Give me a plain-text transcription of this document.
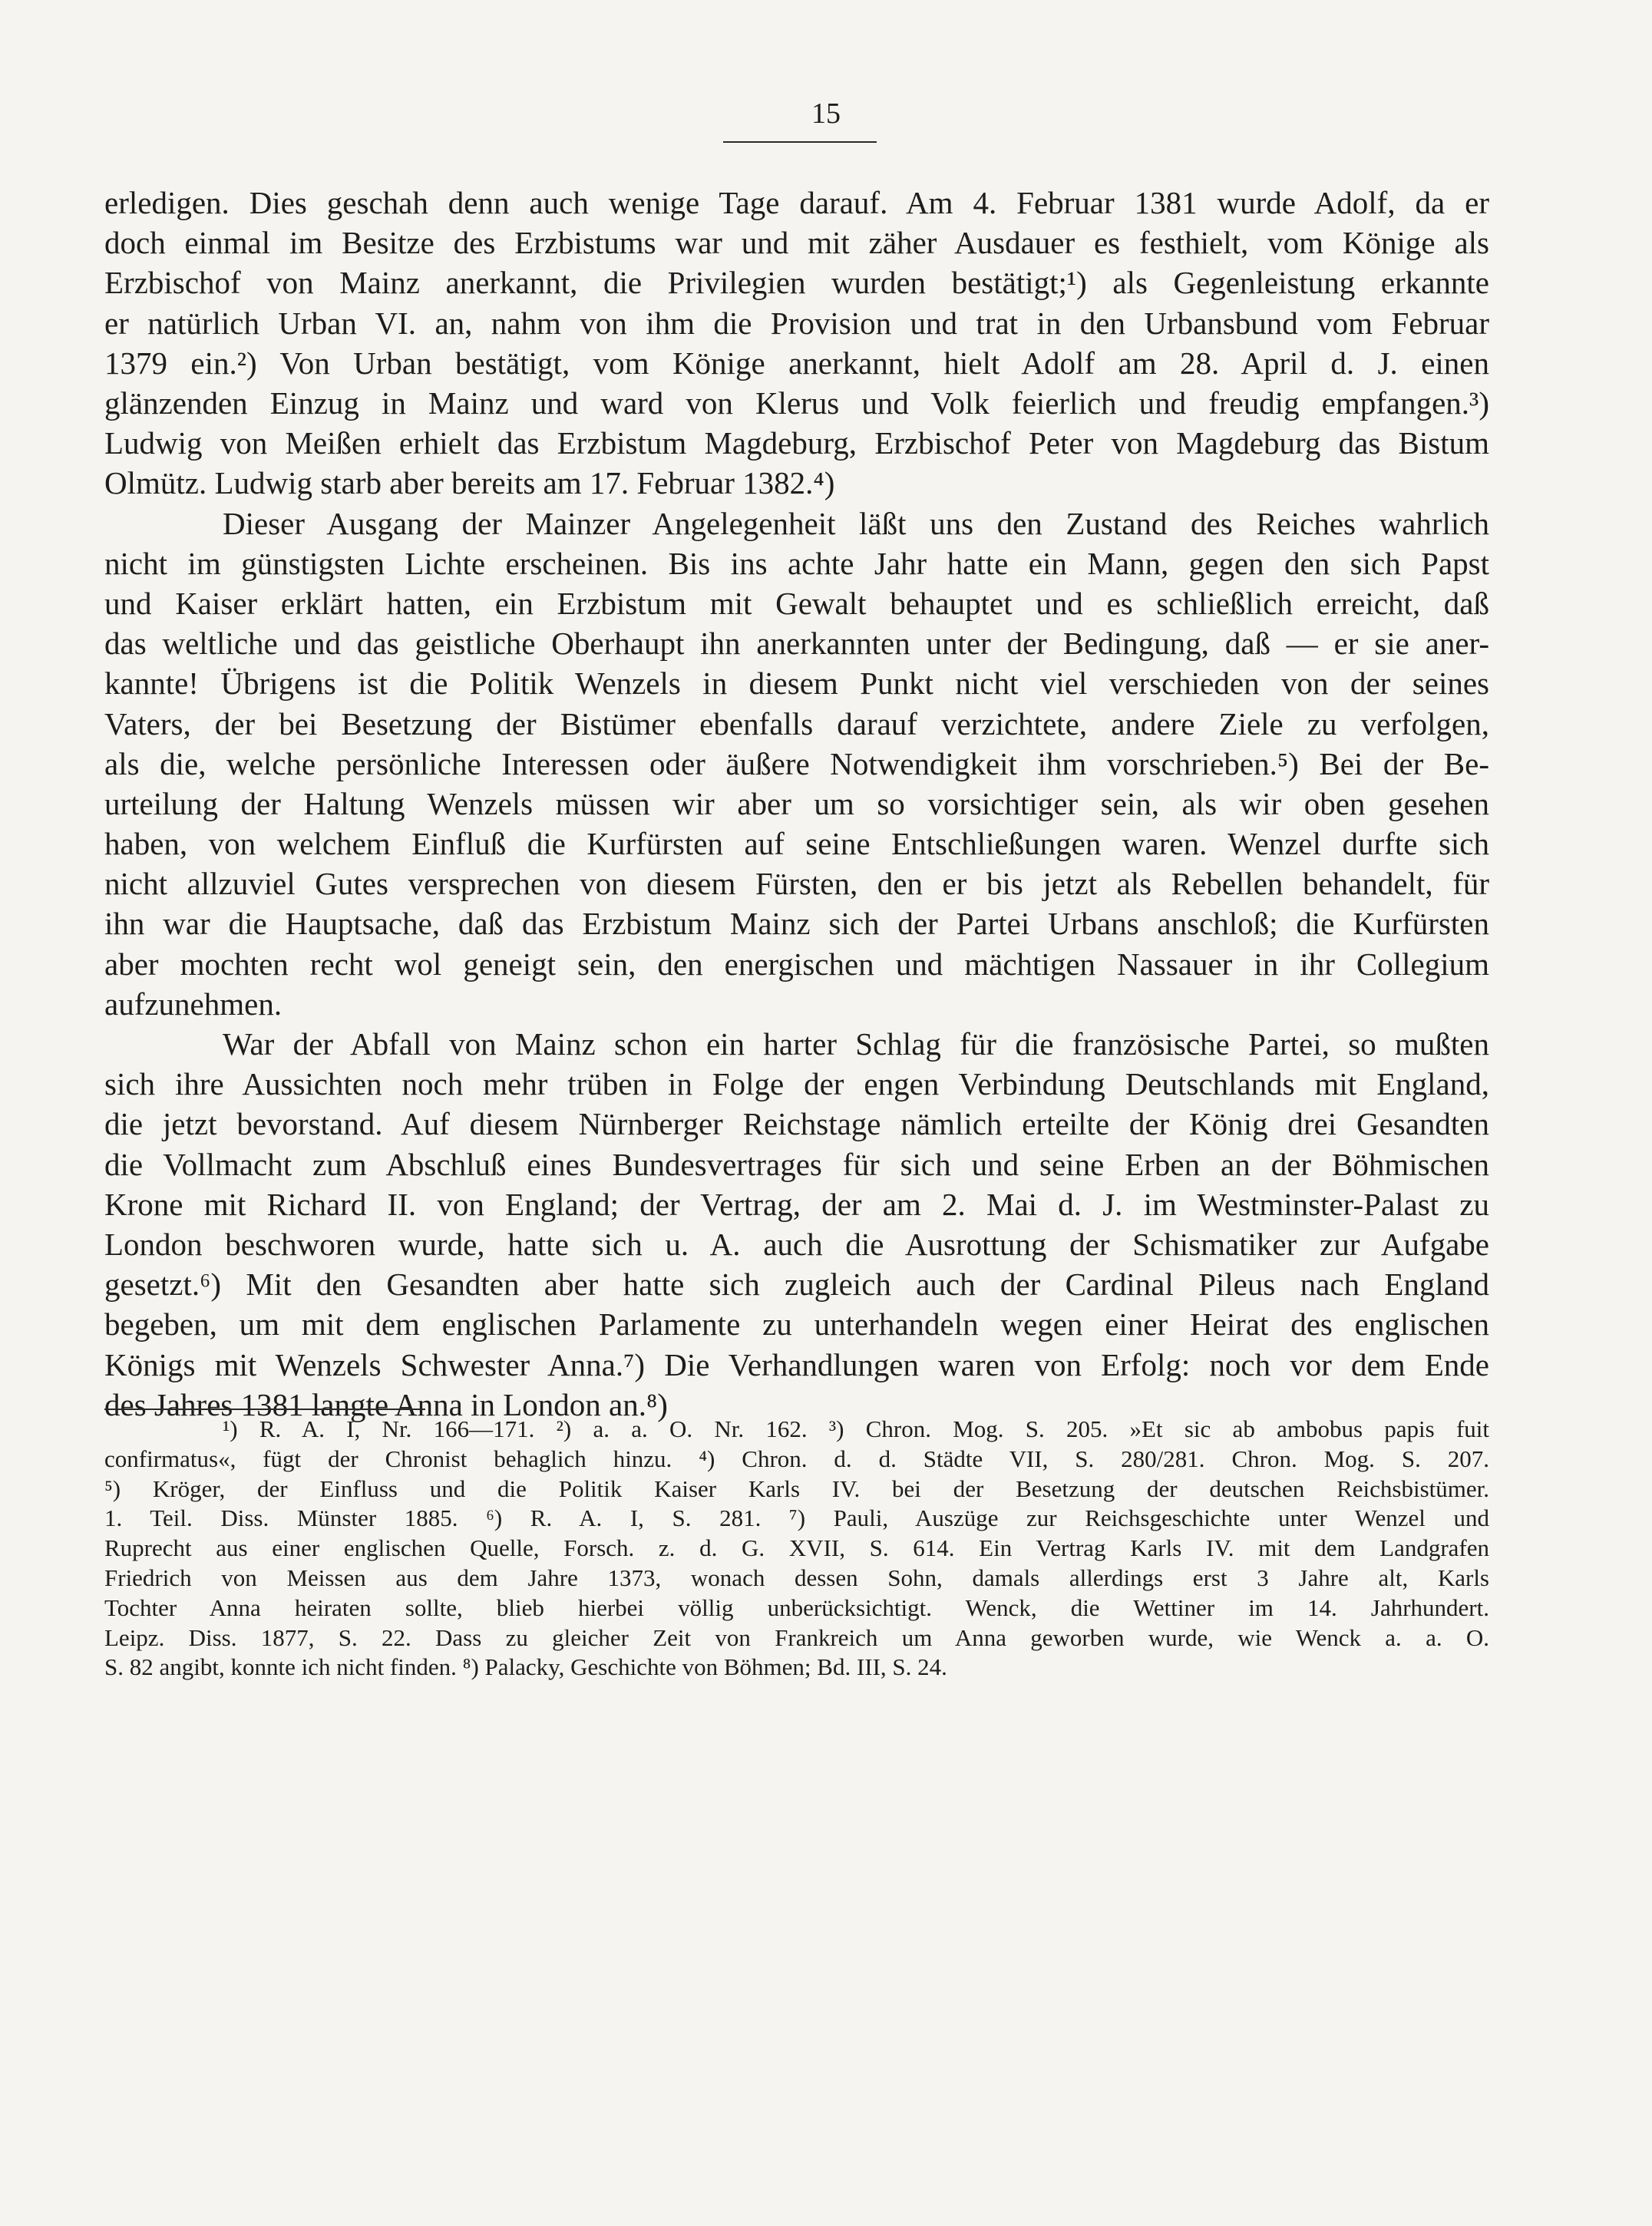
15
erledigen. Dies geschah denn auch wenige Tage darauf. Am 4. Februar 1381 wurde Adolf, da er
doch einmal im Besitze des Erzbistums war und mit zäher Ausdauer es festhielt, vom Könige als
Erzbischof von Mainz anerkannt, die Privilegien wurden bestätigt;¹) als Gegenleistung erkannte
er natürlich Urban VI. an, nahm von ihm die Provision und trat in den Urbansbund vom Februar
1379 ein.²) Von Urban bestätigt, vom Könige anerkannt, hielt Adolf am 28. April d. J. einen
glänzenden Einzug in Mainz und ward von Klerus und Volk feierlich und freudig empfangen.³)
Ludwig von Meißen erhielt das Erzbistum Magdeburg, Erzbischof Peter von Magdeburg das Bistum
Olmütz. Ludwig starb aber bereits am 17. Februar 1382.⁴)
Dieser Ausgang der Mainzer Angelegenheit läßt uns den Zustand des Reiches wahrlich
nicht im günstigsten Lichte erscheinen. Bis ins achte Jahr hatte ein Mann, gegen den sich Papst
und Kaiser erklärt hatten, ein Erzbistum mit Gewalt behauptet und es schließlich erreicht, daß
das weltliche und das geistliche Oberhaupt ihn anerkannten unter der Bedingung, daß — er sie aner-
kannte! Übrigens ist die Politik Wenzels in diesem Punkt nicht viel verschieden von der seines
Vaters, der bei Besetzung der Bistümer ebenfalls darauf verzichtete, andere Ziele zu verfolgen,
als die, welche persönliche Interessen oder äußere Notwendigkeit ihm vorschrieben.⁵) Bei der Be-
urteilung der Haltung Wenzels müssen wir aber um so vorsichtiger sein, als wir oben gesehen
haben, von welchem Einfluß die Kurfürsten auf seine Entschließungen waren. Wenzel durfte sich
nicht allzuviel Gutes versprechen von diesem Fürsten, den er bis jetzt als Rebellen behandelt, für
ihn war die Hauptsache, daß das Erzbistum Mainz sich der Partei Urbans anschloß; die Kurfürsten
aber mochten recht wol geneigt sein, den energischen und mächtigen Nassauer in ihr Collegium
aufzunehmen.
War der Abfall von Mainz schon ein harter Schlag für die französische Partei, so mußten
sich ihre Aussichten noch mehr trüben in Folge der engen Verbindung Deutschlands mit England,
die jetzt bevorstand. Auf diesem Nürnberger Reichstage nämlich erteilte der König drei Gesandten
die Vollmacht zum Abschluß eines Bundesvertrages für sich und seine Erben an der Böhmischen
Krone mit Richard II. von England; der Vertrag, der am 2. Mai d. J. im Westminster-Palast zu
London beschworen wurde, hatte sich u. A. auch die Ausrottung der Schismatiker zur Aufgabe
gesetzt.⁶) Mit den Gesandten aber hatte sich zugleich auch der Cardinal Pileus nach England
begeben, um mit dem englischen Parlamente zu unterhandeln wegen einer Heirat des englischen
Königs mit Wenzels Schwester Anna.⁷) Die Verhandlungen waren von Erfolg: noch vor dem Ende
des Jahres 1381 langte Anna in London an.⁸)
¹) R. A. I, Nr. 166—171. ²) a. a. O. Nr. 162. ³) Chron. Mog. S. 205. »Et sic ab ambobus papis fuit
confirmatus«, fügt der Chronist behaglich hinzu. ⁴) Chron. d. d. Städte VII, S. 280/281. Chron. Mog. S. 207.
⁵) Kröger, der Einfluss und die Politik Kaiser Karls IV. bei der Besetzung der deutschen Reichsbistümer.
1. Teil. Diss. Münster 1885. ⁶) R. A. I, S. 281. ⁷) Pauli, Auszüge zur Reichsgeschichte unter Wenzel und
Ruprecht aus einer englischen Quelle, Forsch. z. d. G. XVII, S. 614. Ein Vertrag Karls IV. mit dem Landgrafen
Friedrich von Meissen aus dem Jahre 1373, wonach dessen Sohn, damals allerdings erst 3 Jahre alt, Karls
Tochter Anna heiraten sollte, blieb hierbei völlig unberücksichtigt. Wenck, die Wettiner im 14. Jahrhundert.
Leipz. Diss. 1877, S. 22. Dass zu gleicher Zeit von Frankreich um Anna geworben wurde, wie Wenck a. a. O.
S. 82 angibt, konnte ich nicht finden. ⁸) Palacky, Geschichte von Böhmen; Bd. III, S. 24.
